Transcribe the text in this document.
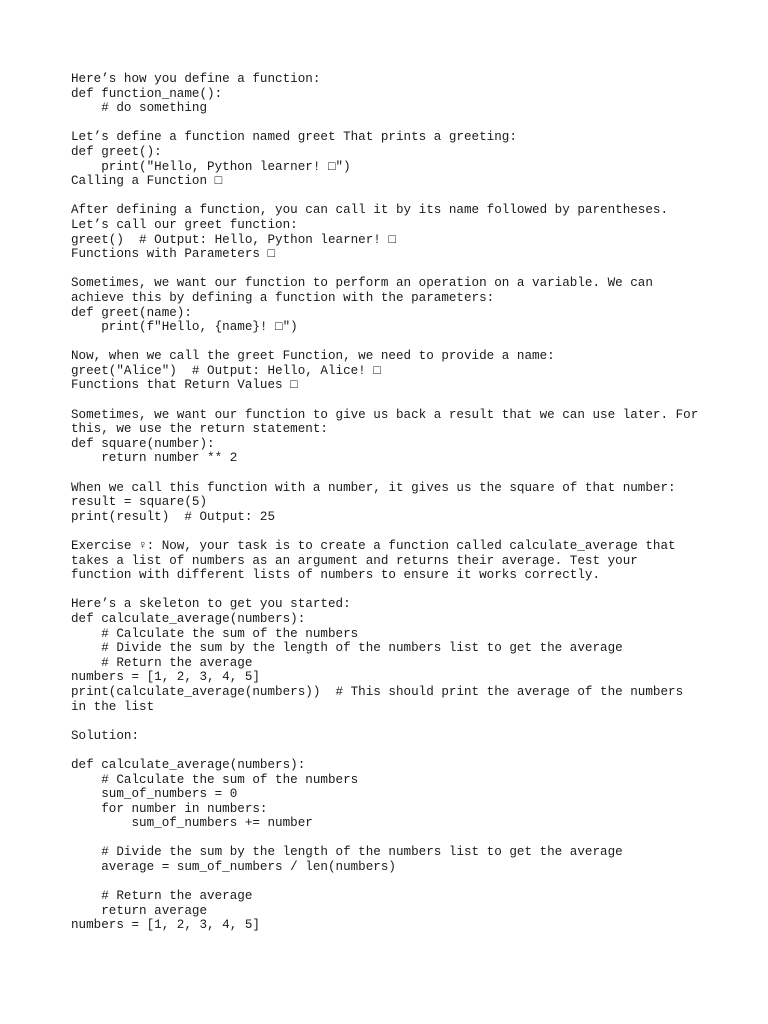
Here’s how you define a function:
def function_name():
# do something
Let’s define a function named greet That prints a greeting:
def greet():
print("Hello, Python learner! □")
Calling a Function □
After defining a function, you can call it by its name followed by parentheses.
Let’s call our greet function:
greet()  # Output: Hello, Python learner! □
Functions with Parameters □
Sometimes, we want our function to perform an operation on a variable. We can
achieve this by defining a function with the parameters:
def greet(name):
print(f"Hello, {name}! □")
Now, when we call the greet Function, we need to provide a name:
greet("Alice")  # Output: Hello, Alice! □
Functions that Return Values □
Sometimes, we want our function to give us back a result that we can use later. For
this, we use the return statement:
def square(number):
return number ** 2
When we call this function with a number, it gives us the square of that number:
result = square(5)
print(result)  # Output: 25
Exercise ♀: Now, your task is to create a function called calculate_average that
takes a list of numbers as an argument and returns their average. Test your
function with different lists of numbers to ensure it works correctly.
Here’s a skeleton to get you started:
def calculate_average(numbers):
# Calculate the sum of the numbers
# Divide the sum by the length of the numbers list to get the average
# Return the average
numbers = [1, 2, 3, 4, 5]
print(calculate_average(numbers))  # This should print the average of the numbers
in the list
Solution:
def calculate_average(numbers):
# Calculate the sum of the numbers
sum_of_numbers = 0
for number in numbers:
sum_of_numbers += number
# Divide the sum by the length of the numbers list to get the average
average = sum_of_numbers / len(numbers)
# Return the average
return average
numbers = [1, 2, 3, 4, 5]
